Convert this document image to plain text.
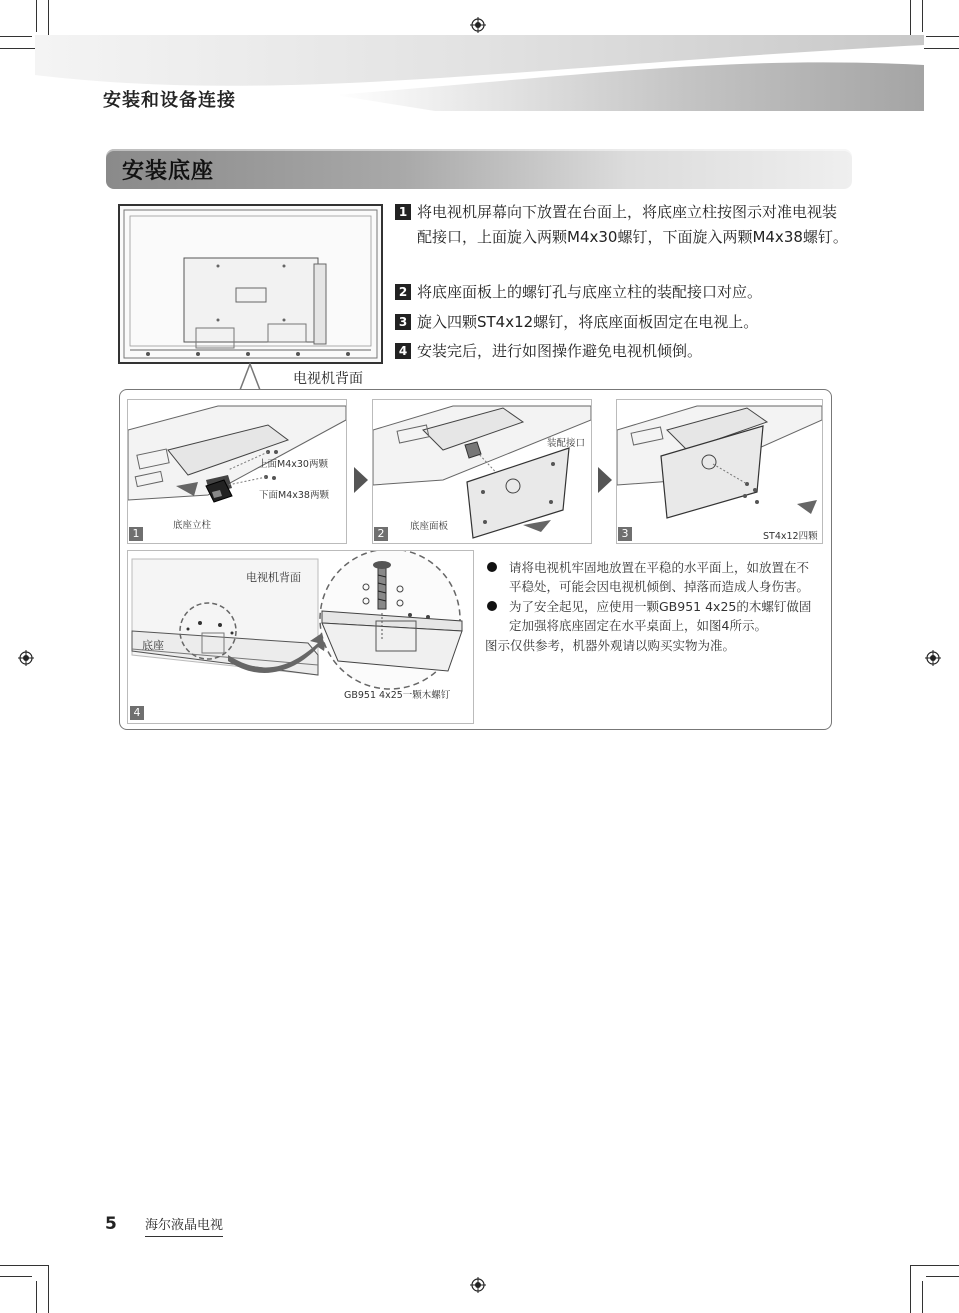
安装和设备连接
安装底座
电视机背面
1 将电视机屏幕向下放置在台面上，将底座立柱按图示对准电视装配接口，上面旋入两颗M4x30螺钉，下面旋入两颗M4x38螺钉。
2 将底座面板上的螺钉孔与底座立柱的装配接口对应。
3 旋入四颗ST4x12螺钉，将底座面板固定在电视上。
4 安装完后，进行如图操作避免电视机倾倒。
上面M4x30两颗
下面M4x38两颗
底座立柱
1
装配接口
底座面板
2	ST4x12四颗
3
电视机背面
底座
GB951 4x25一颗木螺钉
4
请将电视机牢固地放置在平稳的水平面上，如放置在不平稳处，可能会因电视机倾倒、掉落而造成人身伤害。
为了安全起见，应使用一颗GB951 4x25的木螺钉做固定加强将底座固定在水平桌面上，如图4所示。
图示仅供参考，机器外观请以购买实物为准。
5 海尔液晶电视
